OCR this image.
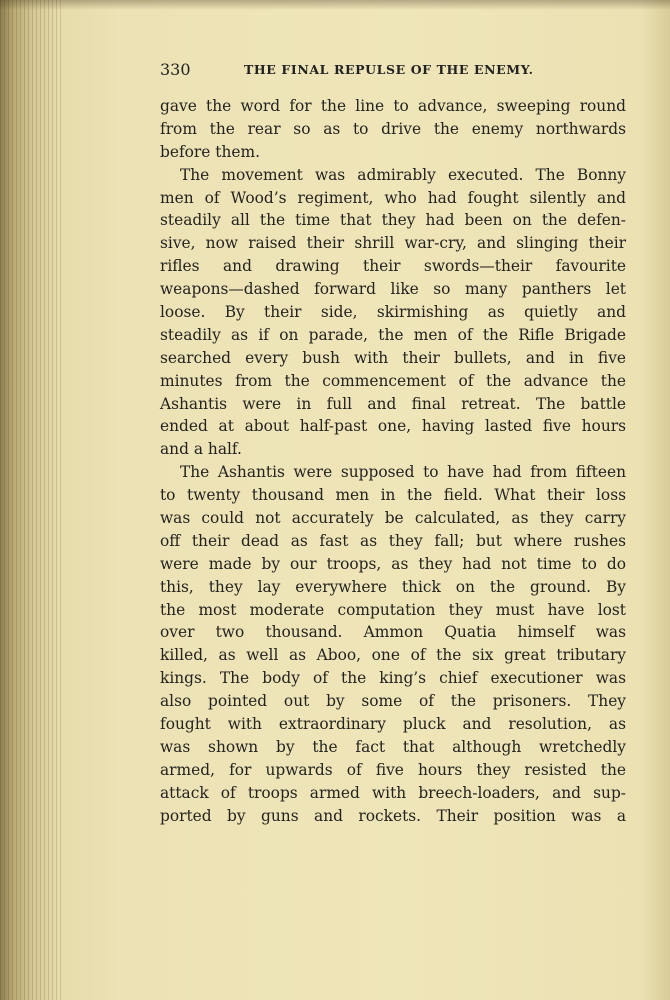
330	THE FINAL REPULSE OF THE ENEMY.
gave the word for the line to advance, sweeping round
from the rear so as to drive the enemy northwards
before them.
The movement was admirably executed. The Bonny
men of Wood’s regiment, who had fought silently and
steadily all the time that they had been on the defen-
sive, now raised their shrill war-cry, and slinging their
rifles and drawing their swords—their favourite
weapons—dashed forward like so many panthers let
loose. By their side, skirmishing as quietly and
steadily as if on parade, the men of the Rifle Brigade
searched every bush with their bullets, and in five
minutes from the commencement of the advance the
Ashantis were in full and final retreat. The battle
ended at about half-past one, having lasted five hours
and a half.
The Ashantis were supposed to have had from fifteen
to twenty thousand men in the field. What their loss
was could not accurately be calculated, as they carry
off their dead as fast as they fall; but where rushes
were made by our troops, as they had not time to do
this, they lay everywhere thick on the ground. By
the most moderate computation they must have lost
over two thousand. Ammon Quatia himself was
killed, as well as Aboo, one of the six great tributary
kings. The body of the king’s chief executioner was
also pointed out by some of the prisoners. They
fought with extraordinary pluck and resolution, as
was shown by the fact that although wretchedly
armed, for upwards of five hours they resisted the
attack of troops armed with breech-loaders, and sup-
ported by guns and rockets. Their position was a
